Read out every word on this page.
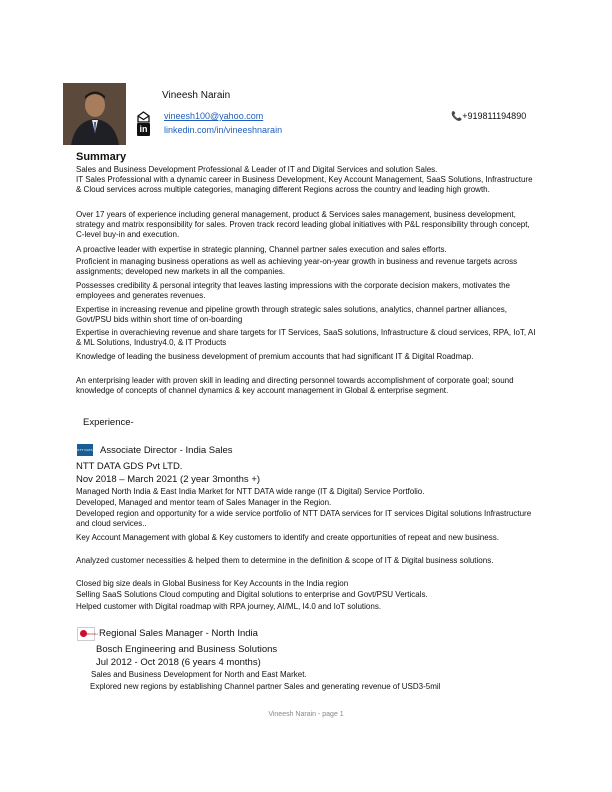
Vineesh Narain
vineesh100@yahoo.com	📞+919811194890
in linkedin.com/in/vineeshnarain
Summary
Sales and Business Development Professional & Leader of IT and Digital Services and solution Sales.
IT Sales Professional with a dynamic career in Business Development, Key Account Management, SaaS Solutions, Infrastructure & Cloud services across multiple categories, managing different Regions across the country and leading high growth.
Over 17 years of experience including general management, product & Services sales management, business development, strategy and matrix responsibility for sales. Proven track record leading global initiatives with P&L responsibility through concept, C-level buy-in and execution.
A proactive leader with expertise in strategic planning, Channel partner sales execution and sales efforts.
Proficient in managing business operations as well as achieving year-on-year growth in business and revenue targets across assignments; developed new markets in all the companies.
Possesses credibility & personal integrity that leaves lasting impressions with the corporate decision makers, motivates the employees and generates revenues.
Expertise in increasing revenue and pipeline growth through strategic sales solutions, analytics, channel partner alliances, Govt/PSU bids within short time of on-boarding
Expertise in overachieving revenue and share targets for IT Services, SaaS solutions, Infrastructure & cloud services, RPA, IoT, AI & ML Solutions, Industry4.0, & IT Products
Knowledge of leading the business development of premium accounts that had significant IT & Digital Roadmap.
An enterprising leader with proven skill in leading and directing personnel towards accomplishment of corporate goal; sound knowledge of concepts of channel dynamics & key account management in Global & enterprise segment.
Experience-
NTT DATA Associate Director - India Sales
NTT DATA GDS Pvt LTD.
Nov 2018 – March 2021 (2 year 3months +)
Managed North India & East India Market for NTT DATA wide range (IT & Digital) Service Portfolio.
Developed, Managed and mentor team of Sales Manager in the Region.
Developed region and opportunity for a wide service portfolio of NTT DATA services for IT services Digital solutions Infrastructure and cloud services..
Key Account Management with global & Key customers to identify and create opportunities of repeat and new business.
Analyzed customer necessities & helped them to determine in the definition & scope of IT & Digital business solutions.
Closed big size deals in Global Business for Key Accounts in the India region
Selling SaaS Solutions Cloud computing and Digital solutions to enterprise and Govt/PSU Verticals.
Helped customer with Digital roadmap with RPA journey, AI/ML, I4.0 and IoT solutions.
BOSCH Regional Sales Manager - North India
Bosch Engineering and Business Solutions
Jul 2012 - Oct 2018 (6 years 4 months)
Sales and Business Development for North and East Market.
Explored new regions by establishing Channel partner Sales and generating revenue of USD3-5mil
Vineesh Narain - page 1
